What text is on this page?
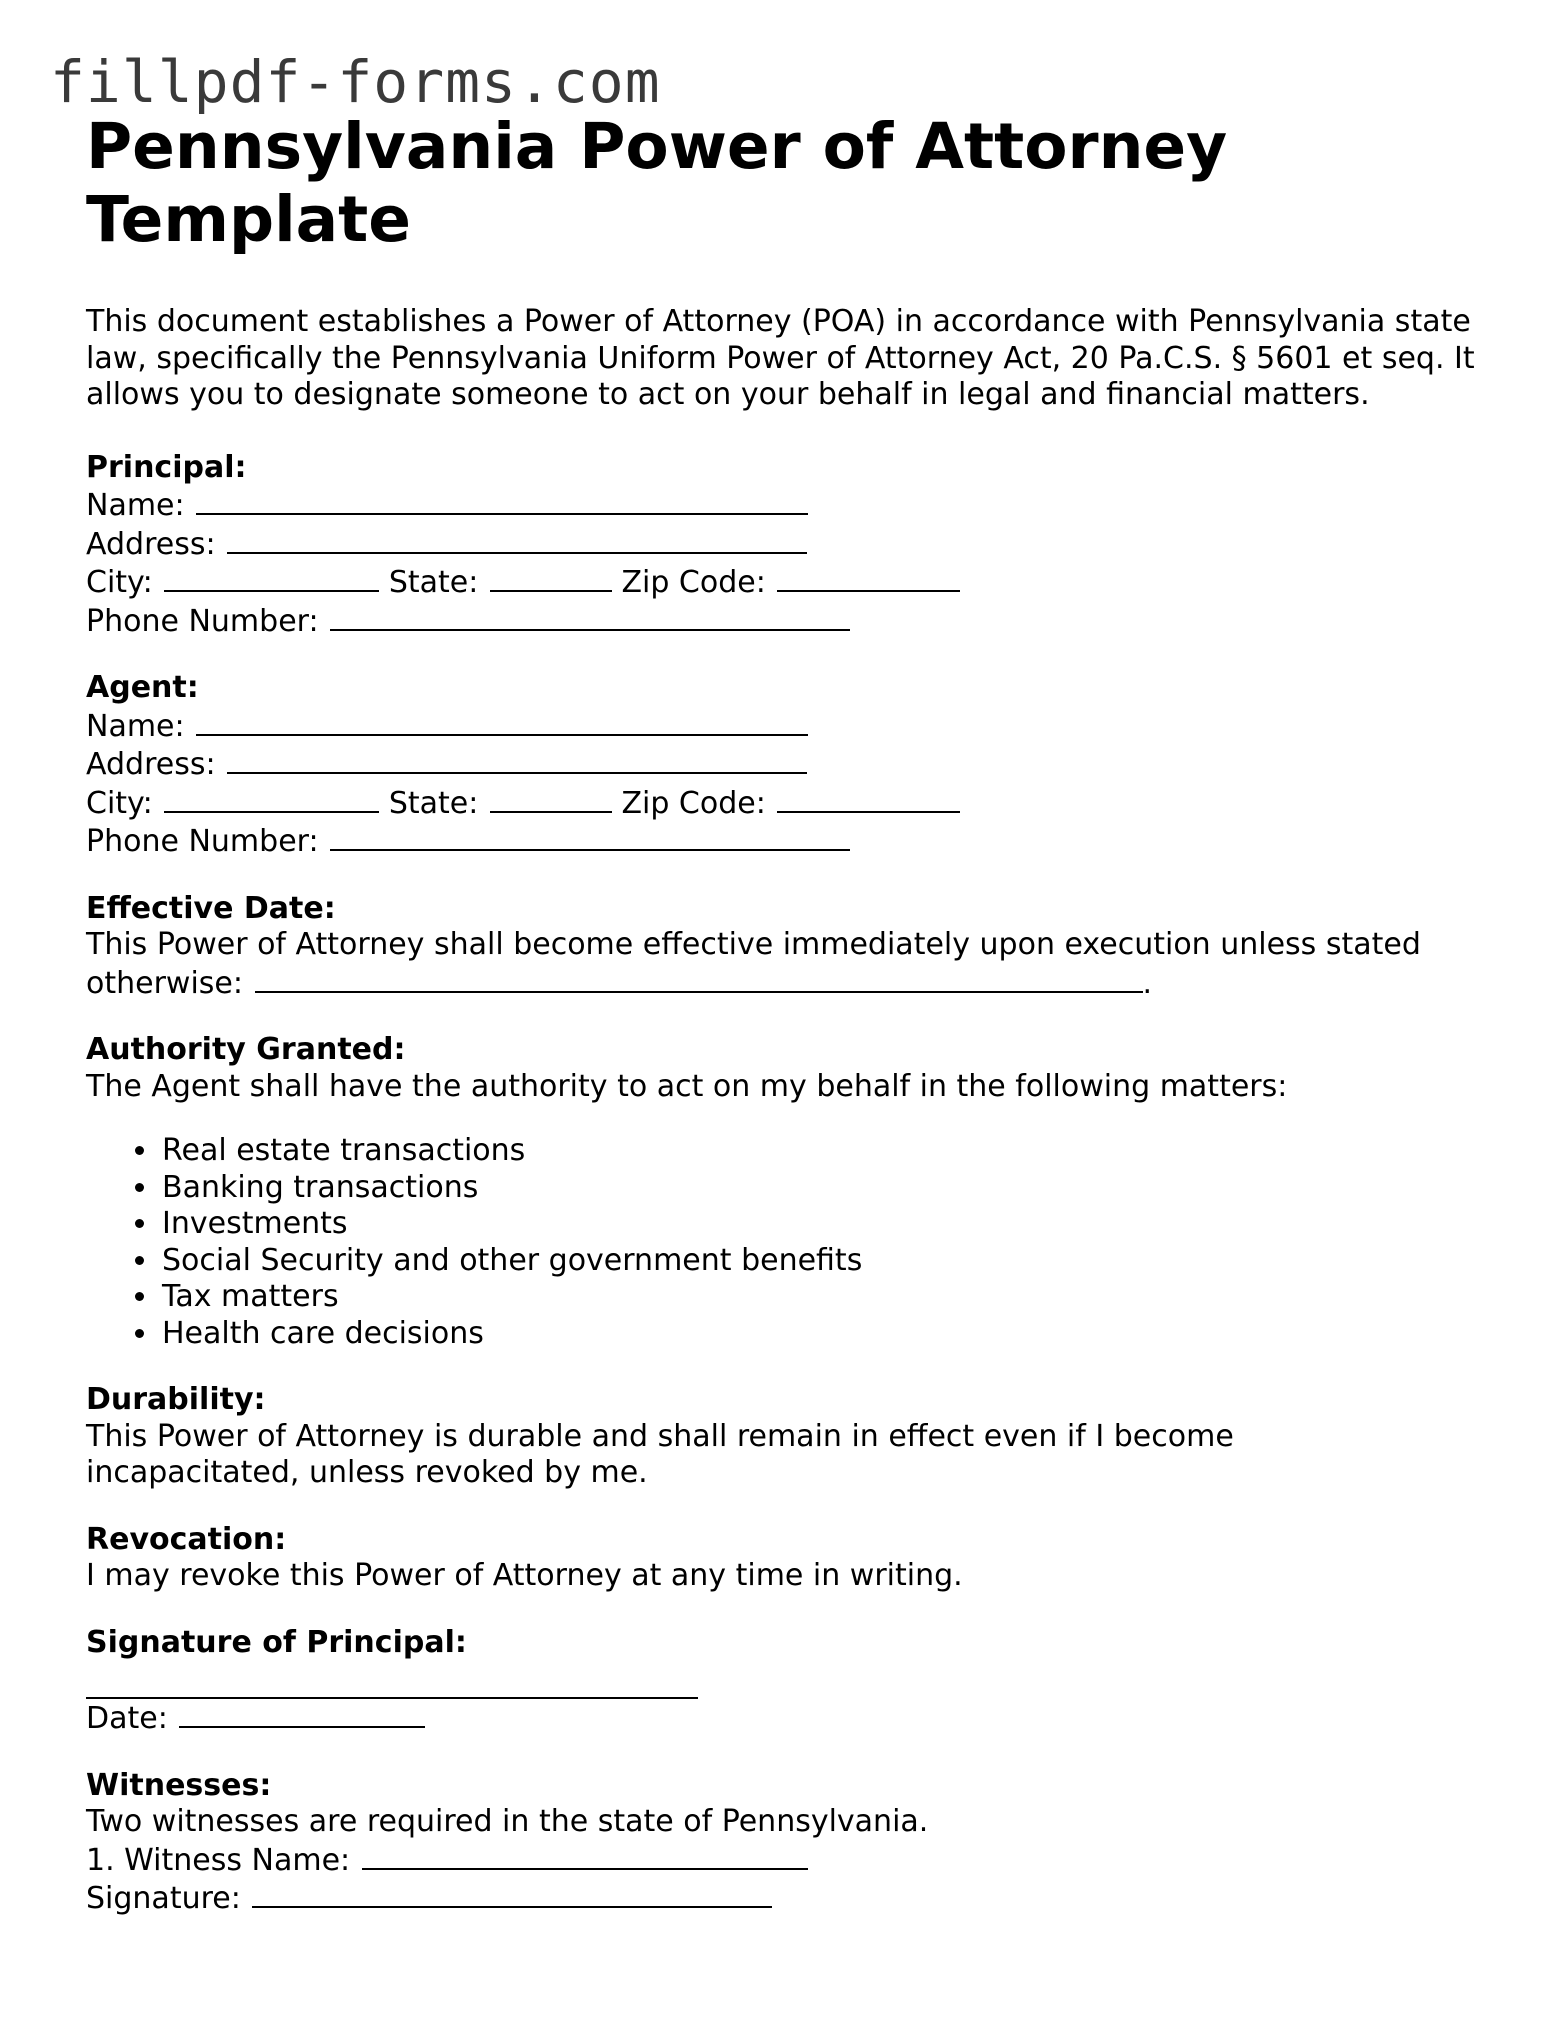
fillpdf-forms.com
Pennsylvania Power of Attorney Template

This document establishes a Power of Attorney (POA) in accordance with Pennsylvania state law, specifically the Pennsylvania Uniform Power of Attorney Act, 20 Pa.C.S. § 5601 et seq. It allows you to designate someone to act on your behalf in legal and financial matters.

Principal:
Name:
Address:
City:	State:	Zip Code:
Phone Number:
Agent:
Name:
Address:
City:	State:	Zip Code:
Phone Number:
Effective Date:
This Power of Attorney shall become effective immediately upon execution unless stated
otherwise:	.
Authority Granted:
The Agent shall have the authority to act on my behalf in the following matters:
• Real estate transactions
• Banking transactions
• Investments
• Social Security and other government benefits
• Tax matters
• Health care decisions
Durability:
This Power of Attorney is durable and shall remain in effect even if I become incapacitated, unless revoked by me.
Revocation:
I may revoke this Power of Attorney at any time in writing.
Signature of Principal:
Date:
Witnesses:
Two witnesses are required in the state of Pennsylvania.
1. Witness Name:
Signature:
